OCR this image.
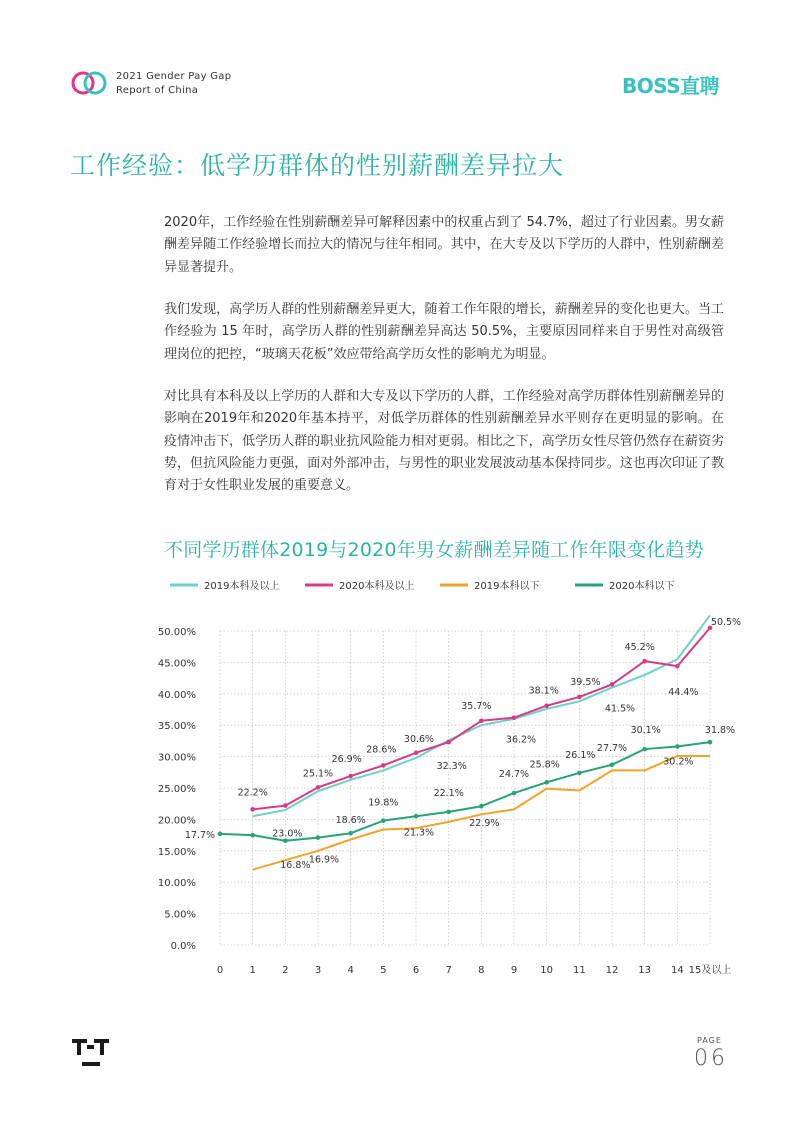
2021 Gender Pay Gap
Report of China	BOSS直聘
工作经验：低学历群体的性别薪酬差异拉大

2020年，工作经验在性别薪酬差异可解释因素中的权重占到了 54.7%，超过了行业因素。男女薪酬差异随工作经验增长而拉大的情况与往年相同。其中，在大专及以下学历的人群中，性别薪酬差异显著提升。

我们发现，高学历人群的性别薪酬差异更大，随着工作年限的增长，薪酬差异的变化也更大。当工作经验为 15 年时，高学历人群的性别薪酬差异高达 50.5%，主要原因同样来自于男性对高级管理岗位的把控，“玻璃天花板”效应带给高学历女性的影响尤为明显。

对比具有本科及以上学历的人群和大专及以下学历的人群，工作经验对高学历群体性别薪酬差异的影响在2019年和2020年基本持平，对低学历群体的性别薪酬差异水平则存在更明显的影响。在疫情冲击下，低学历人群的职业抗风险能力相对更弱。相比之下，高学历女性尽管仍然存在薪资劣势，但抗风险能力更强，面对外部冲击，与男性的职业发展波动基本保持同步。这也再次印证了教育对于女性职业发展的重要意义。

不同学历群体2019与2020年男女薪酬差异随工作年限变化趋势
0.0%
5.00%
10.00%
15.00%
20.00%
25.00%
30.00%
35.00%
40.00%
45.00%
50.00%
0	1	2	3	4	5	6	7	8	9 10 11 12 13 14 15及以上
2019本科及以上	2020本科及以上	2019本科以下	2020本科以下
22.2%
23.0%
25.1%
26.9%
28.6%
30.6%
32.3%
35.7%
36.2%
38.1%
39.5%
41.5%
45.2%
44.4%
50.5%
17.7%
16.8%
16.9%
18.6%
19.8%
21.3%
22.1%
22.9%
24.7%
25.8%
26.1%
27.7%
30.1%
30.2%
31.8%
PAGE
06
